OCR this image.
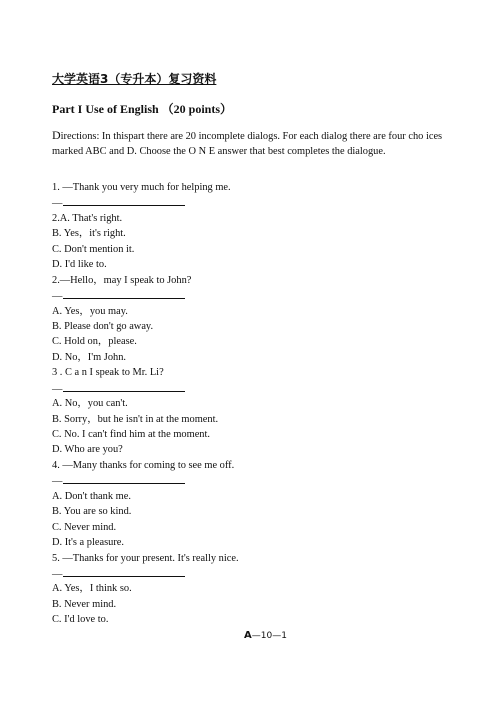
大学英语3（专升本）复习资料
Part I Use of English （20 points）
Directions: In thispart there are 20 incomplete dialogs. For each dialog there are four cho ices marked ABC and D. Choose the O N E answer that best completes the dialogue.
1. —Thank you very much for helping me.
—
2.A. That's right.
B. Yes，it's right.
C. Don't mention it.
D. I'd like to.
2.—Hello，may I speak to John?
—
A. Yes，you may.
B. Please don't go away.
C. Hold on，please.
D. No，I'm John.
3 . C a n I speak to Mr. Li?
—
A. No，you can't.
B. Sorry，but he isn't in at the moment.
C. No. I can't find him at the moment.
D. Who are you?
4. —Many thanks for coming to see me off.
—
A. Don't thank me.
B. You are so kind.
C. Never mind.
D. It's a pleasure.
5. —Thanks for your present. It's really nice.
—
A. Yes，I think so.
B. Never mind.
C. I'd love to.
A—10—1
